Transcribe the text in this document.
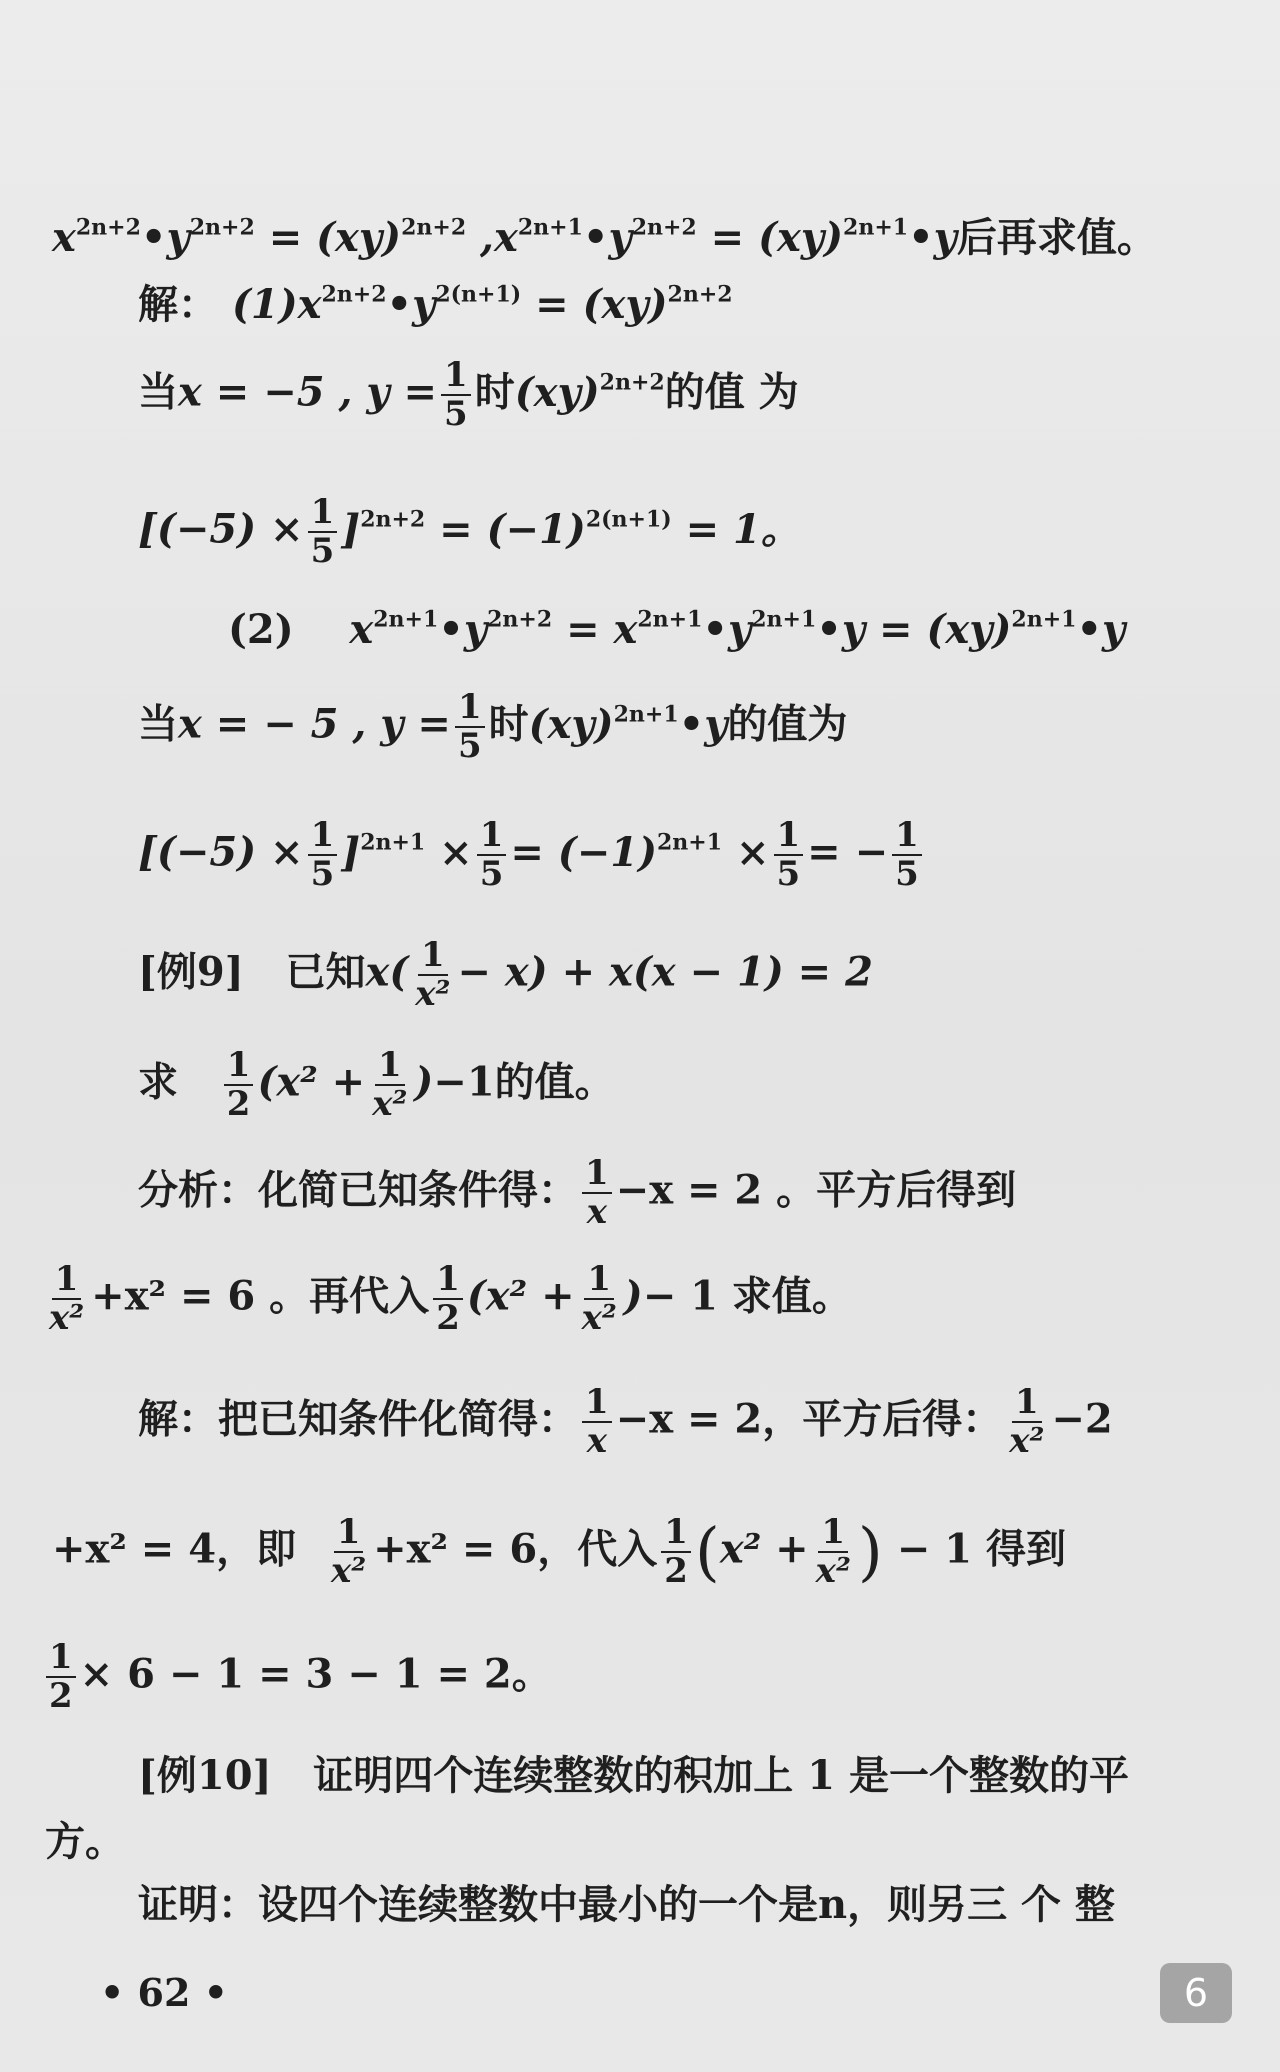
$x^{2n+2}•y^{2n+2} = (xy)^{2n+2}$ $,x^{2n+1}•y^{2n+2}$ = (xy)$^{2n+1}$•y后再求值。
解： $(1)x^{2n+2}•y^{2(n+1)} = (xy)^{2n+2}$
当x = −5 , $y = \frac{1}{5}$ 时(xy)$^{2n+2}$的值 为
$[(-5) \times \frac{1}{5} ]^{2n+2} = (-1)^{2(n+1)} = 1$。
(2) $x^{2n+1}•y^{2n+2}$ = $x^{2n+1}•y^{2n+1}•y$ = (xy)$^{2n+1}$•y
当x = − 5 , $y = \frac{1}{5}$ 时(xy)$^{2n+1}$•y的值为
$[(-5) \times \frac{1}{5} ]^{2n+1} \times \frac{1}{5} = (-1)^{2n+1} \times \frac{1}{5}$ = − $\frac{1}{5}$
[例9] 已知$x( \frac{1}{\text{x²}} - x) + x(x - 1) = 2$
求 $\frac{1}{2} (x^2 + \frac{1}{\text{x²}} )-1$的值。
分析：化简已知条件得： $\frac{1}{x} -x = 2$ 。平方后得到
$\frac{1}{\text{x²}} +x^2 = 6$ 。再代入 $\frac{1}{2} (x^2 + \frac{1}{\text{x²}}$ )− 1 求值。
解：把已知条件化简得： $\frac{1}{x} -x = 2$，平方后得： $\frac{1}{\text{x²}} -2$
+x² = 4，即 $\frac{1}{\text{x²}} +x^2 = 6$，代入 $\frac{1}{2} (x^2 + \frac{1}{\text{x²}}$ ) − 1 得到
$\frac{1}{2} \times 6 - 1 = 3 - 1 = 2$。
[例10] 证明四个连续整数的积加上 1 是一个整数的平
方。
证明：设四个连续整数中最小的一个是n，则另三 个 整
• 62 •	6
